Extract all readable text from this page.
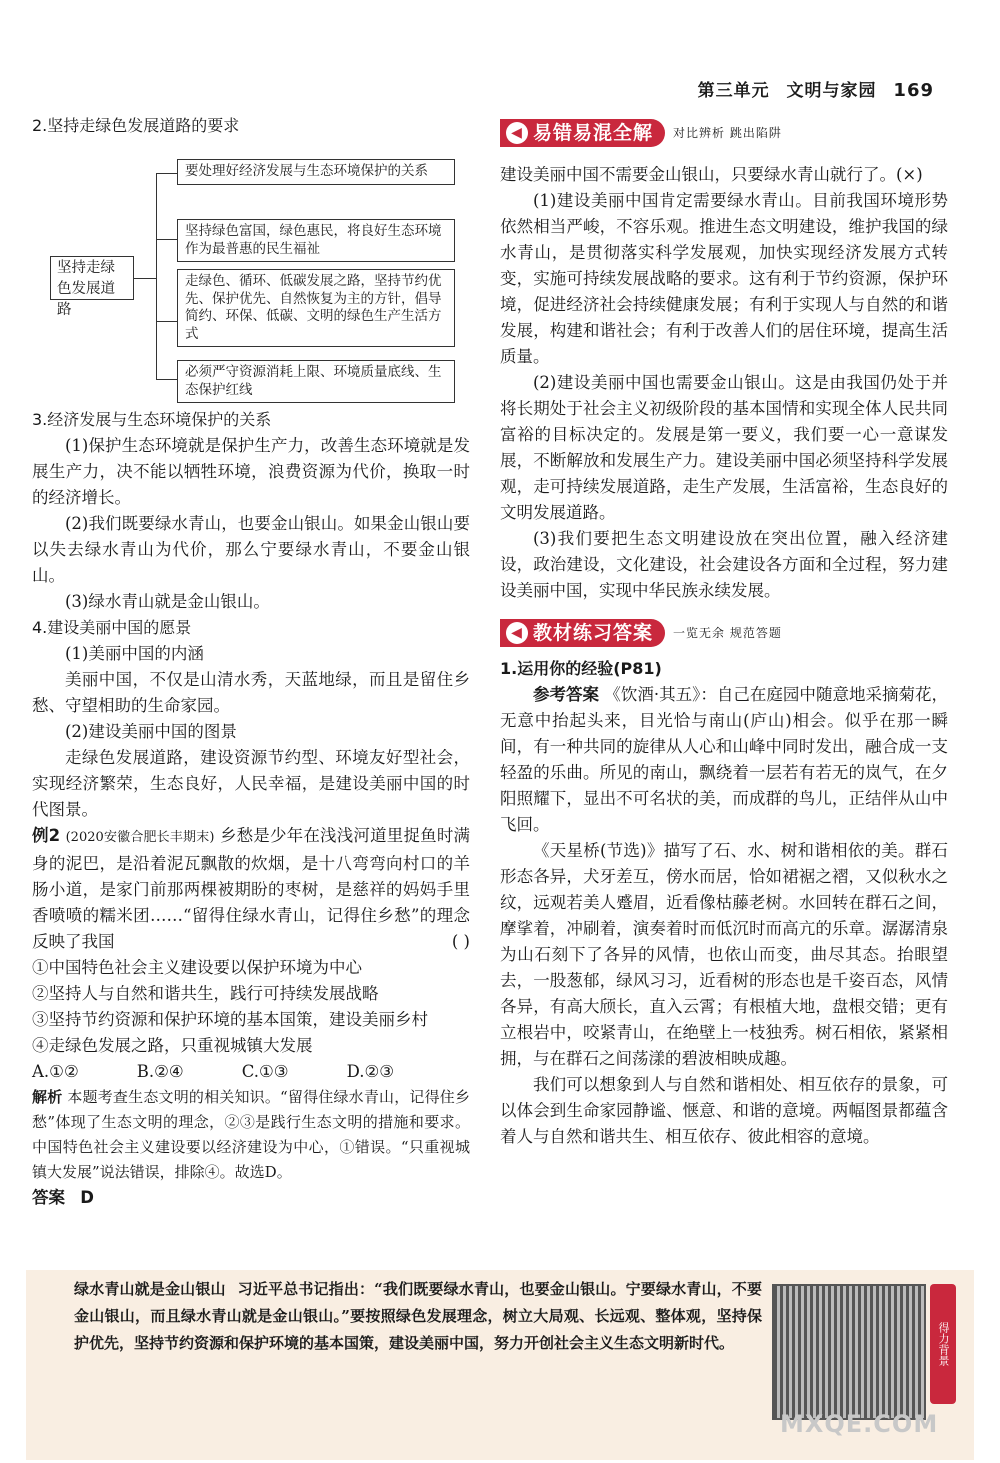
第三单元 文明与家园 169
2.坚持走绿色发展道路的要求
坚持走绿色发展道路
要处理好经济发展与生态环境保护的关系
坚持绿色富国，绿色惠民，将良好生态环境作为最普惠的民生福祉
走绿色、循环、低碳发展之路，坚持节约优先、保护优先、自然恢复为主的方针，倡导简约、环保、低碳、文明的绿色生产生活方式
必须严守资源消耗上限、环境质量底线、生态保护红线
3.经济发展与生态环境保护的关系

(1)保护生态环境就是保护生产力，改善生态环境就是发展生产力，决不能以牺牲环境，浪费资源为代价，换取一时的经济增长。

(2)我们既要绿水青山，也要金山银山。如果金山银山要以失去绿水青山为代价，那么宁要绿水青山，不要金山银山。

(3)绿水青山就是金山银山。

4.建设美丽中国的愿景

(1)美丽中国的内涵

美丽中国，不仅是山清水秀，天蓝地绿，而且是留住乡愁、守望相助的生命家园。

(2)建设美丽中国的图景

走绿色发展道路，建设资源节约型、环境友好型社会，实现经济繁荣，生态良好，人民幸福，是建设美丽中国的时代图景。

例2 (2020安徽合肥长丰期末) 乡愁是少年在浅浅河道里捉鱼时满身的泥巴，是沿着泥瓦飘散的炊烟，是十八弯弯向村口的羊肠小道，是家门前那两棵被期盼的枣树，是慈祥的妈妈手里香喷喷的糯米团……“留得住绿水青山，记得住乡愁”的理念反映了我国	( )

①中国特色社会主义建设要以保护环境为中心

②坚持人与自然和谐共生，践行可持续发展战略

③坚持节约资源和保护环境的基本国策，建设美丽乡村

④走绿色发展之路，只重视城镇大发展

A.①②	B.②④	C.①③	D.②③

解析 本题考查生态文明的相关知识。“留得住绿水青山，记得住乡愁”体现了生态文明的理念，②③是践行生态文明的措施和要求。中国特色社会主义建设要以经济建设为中心，①错误。“只重视城镇大发展”说法错误，排除④。故选D。

答案 D

◀ 易错易混全解 对比辨析 跳出陷阱

建设美丽中国不需要金山银山，只要绿水青山就行了。(×)

(1)建设美丽中国肯定需要绿水青山。目前我国环境形势依然相当严峻，不容乐观。推进生态文明建设，维护我国的绿水青山，是贯彻落实科学发展观，加快实现经济发展方式转变，实施可持续发展战略的要求。这有利于节约资源，保护环境，促进经济社会持续健康发展；有利于实现人与自然的和谐发展，构建和谐社会；有利于改善人们的居住环境，提高生活质量。

(2)建设美丽中国也需要金山银山。这是由我国仍处于并将长期处于社会主义初级阶段的基本国情和实现全体人民共同富裕的目标决定的。发展是第一要义，我们要一心一意谋发展，不断解放和发展生产力。建设美丽中国必须坚持科学发展观，走可持续发展道路，走生产发展，生活富裕，生态良好的文明发展道路。

(3)我们要把生态文明建设放在突出位置，融入经济建设，政治建设，文化建设，社会建设各方面和全过程，努力建设美丽中国，实现中华民族永续发展。

◀ 教材练习答案 一览无余 规范答题
1.运用你的经验(P81)

参考答案 《饮酒·其五》：自己在庭园中随意地采摘菊花，无意中抬起头来，目光恰与南山(庐山)相会。似乎在那一瞬间，有一种共同的旋律从人心和山峰中同时发出，融合成一支轻盈的乐曲。所见的南山，飘绕着一层若有若无的岚气，在夕阳照耀下，显出不可名状的美，而成群的鸟儿，正结伴从山中飞回。

《天星桥(节选)》描写了石、水、树和谐相依的美。群石形态各异，犬牙差互，傍水而居，恰如裙裾之褶，又似秋水之纹，远观若美人蹙眉，近看像枯藤老树。水回转在群石之间，摩挲着，冲刷着，演奏着时而低沉时而高亢的乐章。潺潺清泉为山石刻下了各异的风情，也依山而变，曲尽其态。抬眼望去，一股葱郁，绿风习习，近看树的形态也是千姿百态，风情各异，有高大颀长，直入云霄；有根植大地，盘根交错；更有立根岩中，咬紧青山，在绝壁上一枝独秀。树石相依，紧紧相拥，与在群石之间荡漾的碧波相映成趣。

我们可以想象到人与自然和谐相处、相互依存的景象，可以体会到生命家园静谧、惬意、和谐的意境。两幅图景都蕴含着人与自然和谐共生、相互依存、彼此相容的意境。

绿水青山就是金山银山 习近平总书记指出：“我们既要绿水青山，也要金山银山。宁要绿水青山，不要金山银山，而且绿水青山就是金山银山。”要按照绿色发展理念，树立大局观、长远观、整体观，坚持保护优先，坚持节约资源和保护环境的基本国策，建设美丽中国，努力开创社会主义生态文明新时代。	得力背景
MXQE.COM
